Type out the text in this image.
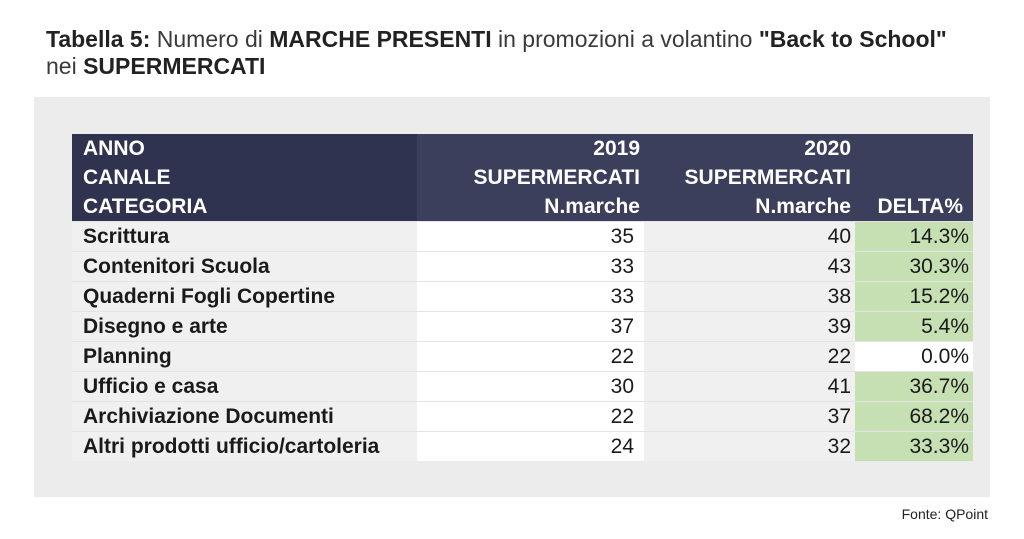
Tabella 5: Numero di MARCHE PRESENTI in promozioni a volantino "Back to School"
nei SUPERMERCATI
ANNO	2019	2020	
CANALE	SUPERMERCATI	SUPERMERCATI	
CATEGORIA	N.marche	N.marche	DELTA%
Scrittura	35	40	14.3%
Contenitori Scuola	33	43	30.3%
Quaderni Fogli Copertine	33	38	15.2%
Disegno e arte	37	39	5.4%
Planning	22	22	0.0%
Ufficio e casa	30	41	36.7%
Archiviazione Documenti	22	37	68.2%
Altri prodotti ufficio/cartoleria	24	32	33.3%
Fonte: QPoint
